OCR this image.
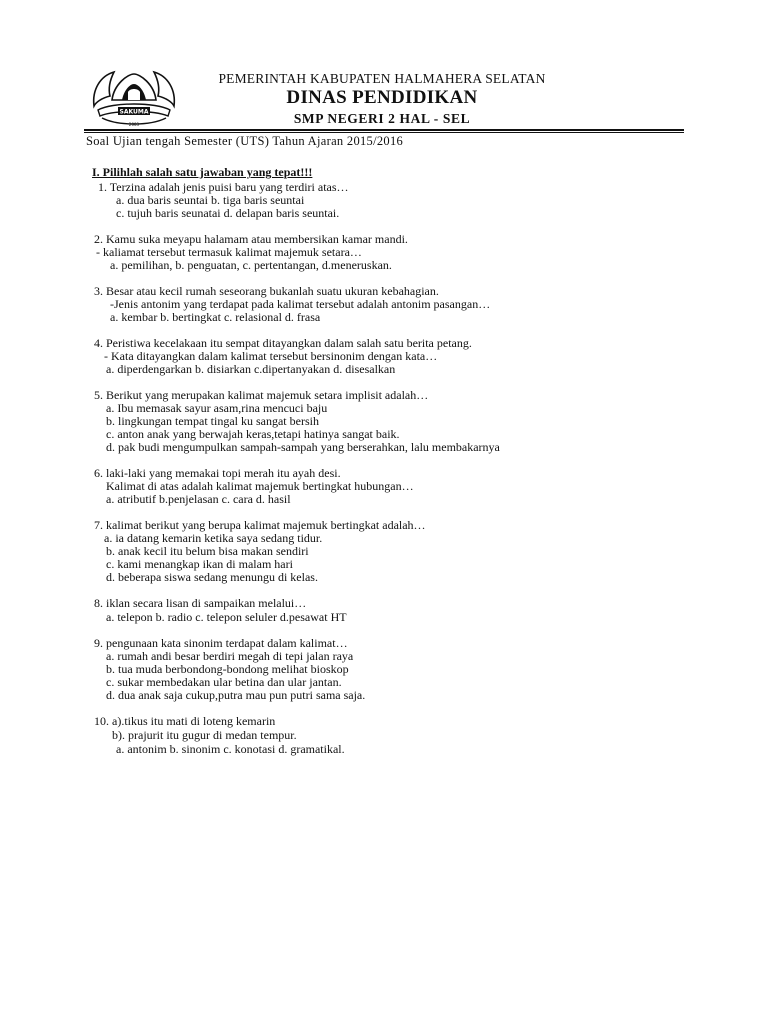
SAKUMA
2003
PEMERINTAH KABUPATEN HALMAHERA SELATAN
DINAS PENDIDIKAN
SMP NEGERI 2 HAL - SEL
Soal Ujian tengah Semester (UTS) Tahun Ajaran 2015/2016
I. Pilihlah salah satu jawaban yang tepat!!!
1. Terzina adalah jenis puisi baru yang terdiri atas…
a. dua baris seuntai b. tiga baris seuntai
c. tujuh baris seunatai d. delapan baris seuntai.
2. Kamu suka meyapu halamam atau membersikan kamar mandi.
- kaliamat tersebut termasuk kalimat majemuk setara…
a. pemilihan, b. penguatan, c. pertentangan, d.meneruskan.
3. Besar atau kecil rumah seseorang bukanlah suatu ukuran kebahagian.
-Jenis antonim yang terdapat pada kalimat tersebut adalah antonim pasangan…
a. kembar b. bertingkat c. relasional d. frasa
4. Peristiwa kecelakaan itu sempat ditayangkan dalam salah satu berita petang.
- Kata ditayangkan dalam kalimat tersebut bersinonim dengan kata…
a. diperdengarkan b. disiarkan c.dipertanyakan d. disesalkan
5. Berikut yang merupakan kalimat majemuk setara implisit adalah…
a. Ibu memasak sayur asam,rina mencuci baju
b. lingkungan tempat tingal ku sangat bersih
c. anton anak yang berwajah keras,tetapi hatinya sangat baik.
d. pak budi mengumpulkan sampah-sampah yang berserahkan, lalu membakarnya
6. laki-laki yang memakai topi merah itu ayah desi.
Kalimat di atas adalah kalimat majemuk bertingkat hubungan…
a. atributif b.penjelasan c. cara d. hasil
7. kalimat berikut yang berupa kalimat majemuk bertingkat adalah…
a. ia datang kemarin ketika saya sedang tidur.
b. anak kecil itu belum bisa makan sendiri
c. kami menangkap ikan di malam hari
d. beberapa siswa sedang menungu di kelas.
8. iklan secara lisan di sampaikan melalui…
a. telepon b. radio c. telepon seluler d.pesawat HT
9. pengunaan kata sinonim terdapat dalam kalimat…
a. rumah andi besar berdiri megah di tepi jalan raya
b. tua muda berbondong-bondong melihat bioskop
c. sukar membedakan ular betina dan ular jantan.
d. dua anak saja cukup,putra mau pun putri sama saja.
10. a).tikus itu mati di loteng kemarin
b). prajurit itu gugur di medan tempur.
a. antonim b. sinonim c. konotasi d. gramatikal.
